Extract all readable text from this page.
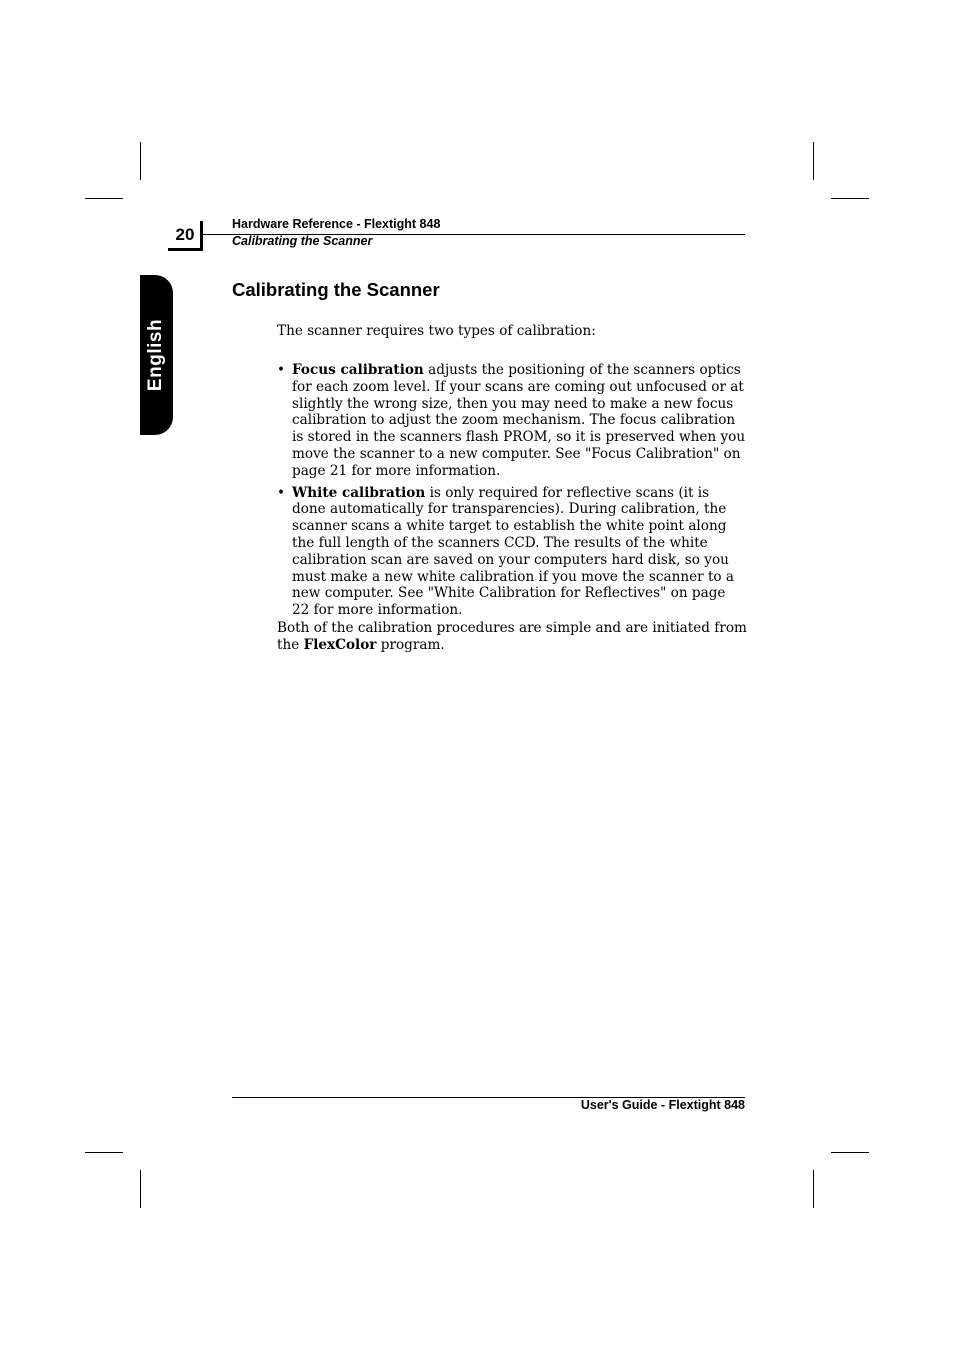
20
Hardware Reference - Flextight 848
Calibrating the Scanner
English
Calibrating the Scanner

The scanner requires two types of calibration:

• Focus calibration adjusts the positioning of the scanners optics for each zoom level. If your scans are coming out unfocused or at slightly the wrong size, then you may need to make a new focus calibration to adjust the zoom mechanism. The focus calibration is stored in the scanners flash PROM, so it is preserved when you move the scanner to a new computer. See "Focus Calibration" on page 21 for more information.
• White calibration is only required for reflective scans (it is done automatically for transparencies). During calibration, the scanner scans a white target to establish the white point along the full length of the scanners CCD. The results of the white calibration scan are saved on your computers hard disk, so you must make a new white calibration if you move the scanner to a new computer. See "White Calibration for Reflectives" on page 22 for more information.

Both of the calibration procedures are simple and are initiated from the FlexColor program.

User's Guide - Flextight 848
